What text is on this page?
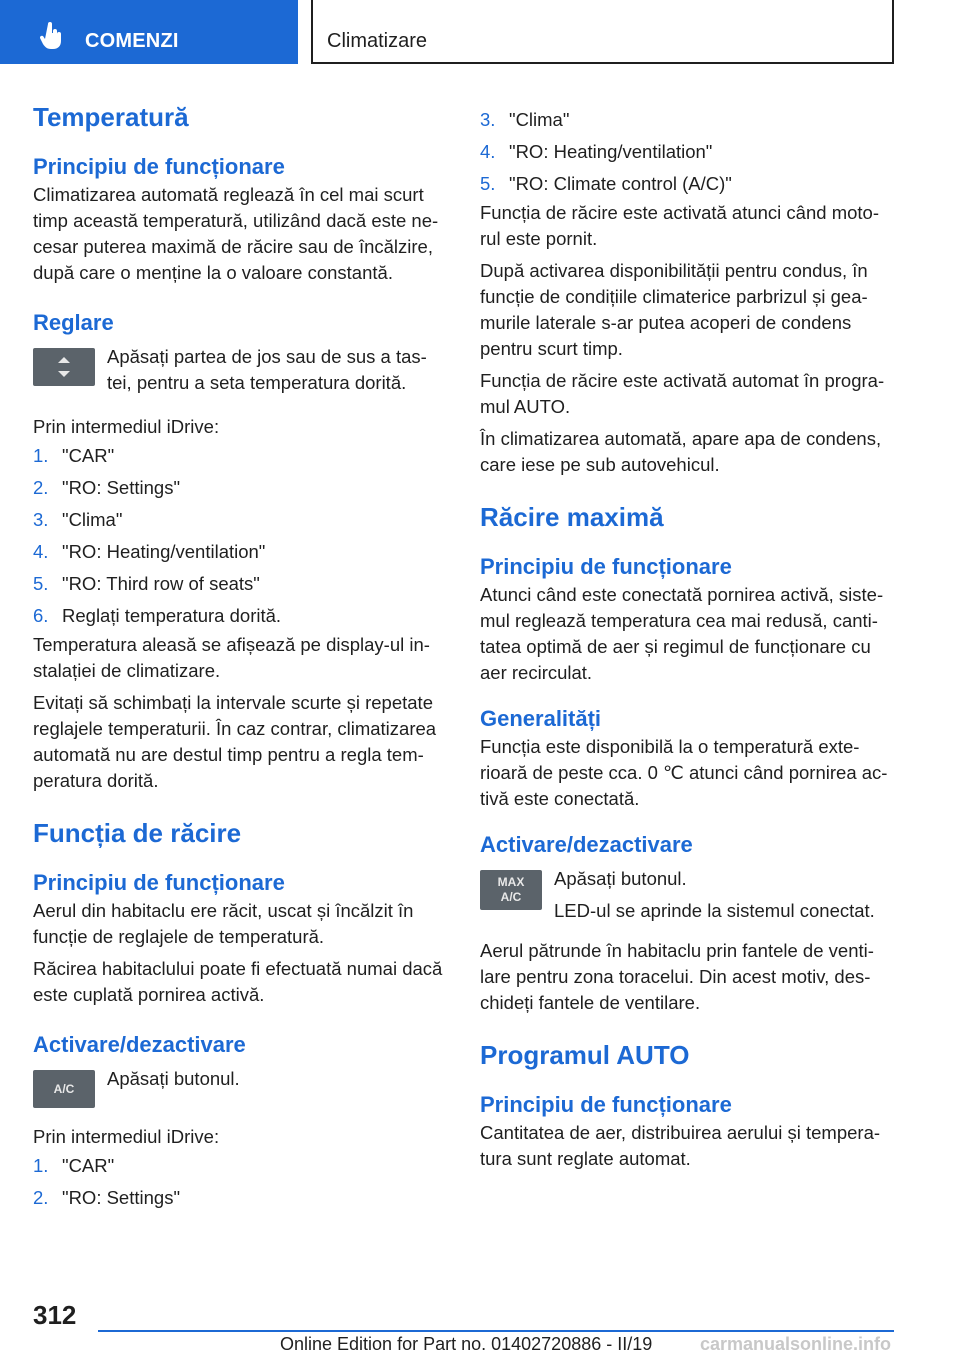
COMENZI	Climatizare
Temperatură
Principiu de funcționare

Climatizarea automată reglează în cel mai scurt timp această temperatură, utilizând dacă este ne-cesar puterea maximă de răcire sau de încălzire, după care o menține la o valoare constantă.

Reglare

Apăsați partea de jos sau de sus a tas-tei, pentru a seta temperatura dorită.

Prin intermediul iDrive:

1. "CAR"
2. "RO: Settings"
3. "Clima"
4. "RO: Heating/ventilation"
5. "RO: Third row of seats"
6. Reglați temperatura dorită.

Temperatura aleasă se afișează pe display-ul in-stalației de climatizare.

Evitați să schimbați la intervale scurte și repetate reglajele temperaturii. În caz contrar, climatizarea automată nu are destul timp pentru a regla tem-peratura dorită.

Funcția de răcire
Principiu de funcționare

Aerul din habitaclu ere răcit, uscat și încălzit în funcție de reglajele de temperatură.

Răcirea habitaclului poate fi efectuată numai dacă este cuplată pornirea activă.

Activare/dezactivare
A/C	Apăsați butonul.

Prin intermediul iDrive:

1. "CAR"
2. "RO: Settings"
3. "Clima"
4. "RO: Heating/ventilation"
5. "RO: Climate control (A/C)"

Funcția de răcire este activată atunci când moto-rul este pornit.

După activarea disponibilității pentru condus, în funcție de condițiile climaterice parbrizul și gea-murile laterale s-ar putea acoperi de condens pentru scurt timp.

Funcția de răcire este activată automat în progra-mul AUTO.

În climatizarea automată, apare apa de condens, care iese pe sub autovehicul.

Răcire maximă
Principiu de funcționare

Atunci când este conectată pornirea activă, siste-mul reglează temperatura cea mai redusă, canti-tatea optimă de aer și regimul de funcționare cu aer recirculat.

Generalități

Funcția este disponibilă la o temperatură exte-rioară de peste cca. 0 ℃ atunci când pornirea ac-tivă este conectată.

Activare/dezactivare
MAX
A/C

Apăsați butonul.

LED-ul se aprinde la sistemul conectat.

Aerul pătrunde în habitaclu prin fantele de venti-lare pentru zona toracelui. Din acest motiv, des-chideți fantele de ventilare.

Programul AUTO
Principiu de funcționare

Cantitatea de aer, distribuirea aerului și tempera-tura sunt reglate automat.

312
Online Edition for Part no. 01402720886 - II/19	carmanualsonline.info
